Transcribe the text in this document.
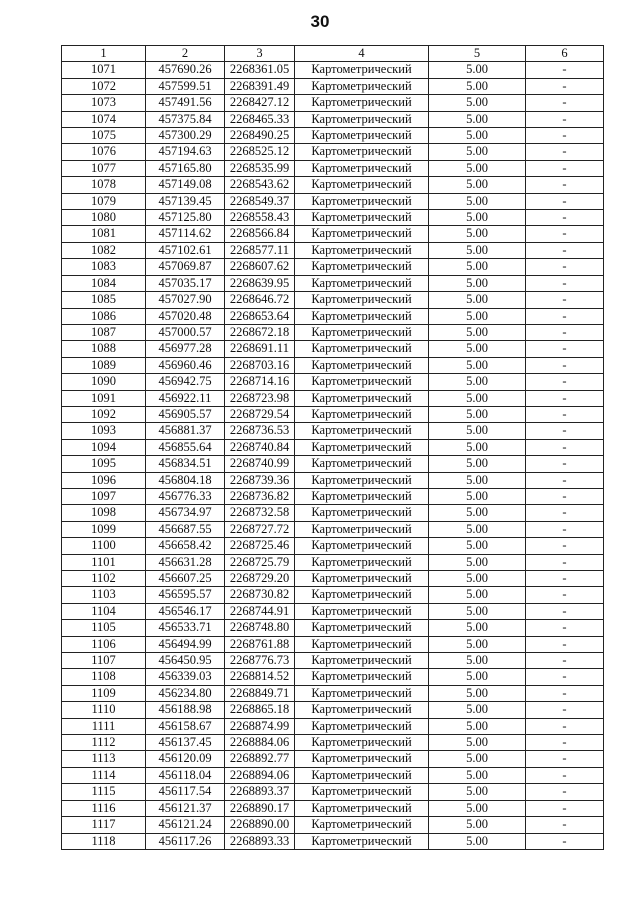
30
1	2	3	4	5	6
1071	457690.26	2268361.05	Картометрический	5.00	-
1072	457599.51	2268391.49	Картометрический	5.00	-
1073	457491.56	2268427.12	Картометрический	5.00	-
1074	457375.84	2268465.33	Картометрический	5.00	-
1075	457300.29	2268490.25	Картометрический	5.00	-
1076	457194.63	2268525.12	Картометрический	5.00	-
1077	457165.80	2268535.99	Картометрический	5.00	-
1078	457149.08	2268543.62	Картометрический	5.00	-
1079	457139.45	2268549.37	Картометрический	5.00	-
1080	457125.80	2268558.43	Картометрический	5.00	-
1081	457114.62	2268566.84	Картометрический	5.00	-
1082	457102.61	2268577.11	Картометрический	5.00	-
1083	457069.87	2268607.62	Картометрический	5.00	-
1084	457035.17	2268639.95	Картометрический	5.00	-
1085	457027.90	2268646.72	Картометрический	5.00	-
1086	457020.48	2268653.64	Картометрический	5.00	-
1087	457000.57	2268672.18	Картометрический	5.00	-
1088	456977.28	2268691.11	Картометрический	5.00	-
1089	456960.46	2268703.16	Картометрический	5.00	-
1090	456942.75	2268714.16	Картометрический	5.00	-
1091	456922.11	2268723.98	Картометрический	5.00	-
1092	456905.57	2268729.54	Картометрический	5.00	-
1093	456881.37	2268736.53	Картометрический	5.00	-
1094	456855.64	2268740.84	Картометрический	5.00	-
1095	456834.51	2268740.99	Картометрический	5.00	-
1096	456804.18	2268739.36	Картометрический	5.00	-
1097	456776.33	2268736.82	Картометрический	5.00	-
1098	456734.97	2268732.58	Картометрический	5.00	-
1099	456687.55	2268727.72	Картометрический	5.00	-
1100	456658.42	2268725.46	Картометрический	5.00	-
1101	456631.28	2268725.79	Картометрический	5.00	-
1102	456607.25	2268729.20	Картометрический	5.00	-
1103	456595.57	2268730.82	Картометрический	5.00	-
1104	456546.17	2268744.91	Картометрический	5.00	-
1105	456533.71	2268748.80	Картометрический	5.00	-
1106	456494.99	2268761.88	Картометрический	5.00	-
1107	456450.95	2268776.73	Картометрический	5.00	-
1108	456339.03	2268814.52	Картометрический	5.00	-
1109	456234.80	2268849.71	Картометрический	5.00	-
1110	456188.98	2268865.18	Картометрический	5.00	-
1111	456158.67	2268874.99	Картометрический	5.00	-
1112	456137.45	2268884.06	Картометрический	5.00	-
1113	456120.09	2268892.77	Картометрический	5.00	-
1114	456118.04	2268894.06	Картометрический	5.00	-
1115	456117.54	2268893.37	Картометрический	5.00	-
1116	456121.37	2268890.17	Картометрический	5.00	-
1117	456121.24	2268890.00	Картометрический	5.00	-
1118	456117.26	2268893.33	Картометрический	5.00	-
